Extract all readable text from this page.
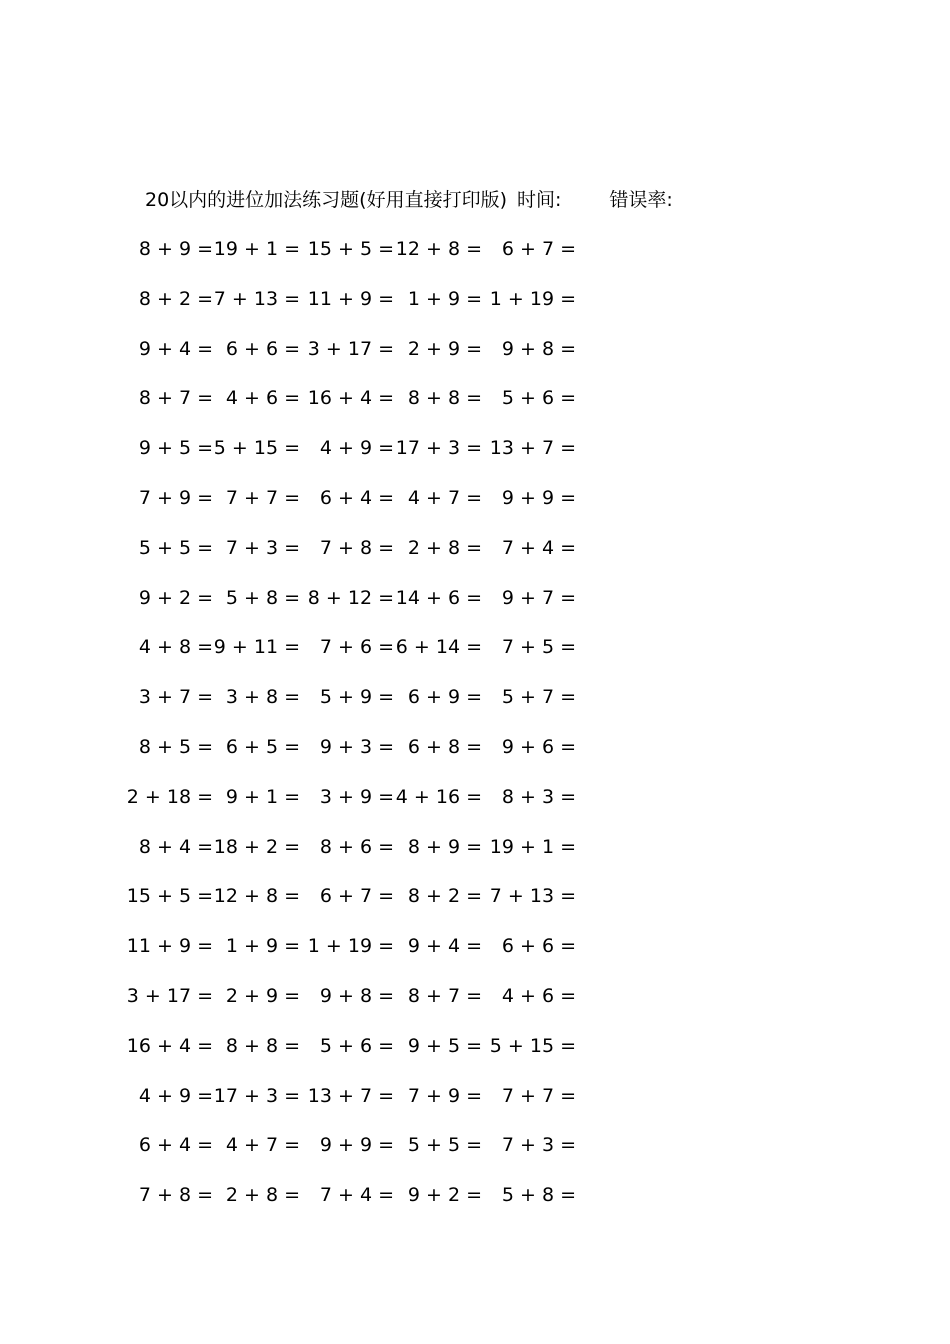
20以内的进位加法练习题(好用直接打印版) 时间:	错误率:
8 + 9 = 19 + 1 = 15 + 5 = 12 + 8 = 6 + 7 =
8 + 2 = 7 + 13 = 11 + 9 = 1 + 9 = 1 + 19 =
9 + 4 = 6 + 6 = 3 + 17 = 2 + 9 = 9 + 8 =
8 + 7 = 4 + 6 = 16 + 4 = 8 + 8 = 5 + 6 =
9 + 5 = 5 + 15 = 4 + 9 = 17 + 3 = 13 + 7 =
7 + 9 = 7 + 7 = 6 + 4 = 4 + 7 = 9 + 9 =
5 + 5 = 7 + 3 = 7 + 8 = 2 + 8 = 7 + 4 =
9 + 2 = 5 + 8 = 8 + 12 = 14 + 6 = 9 + 7 =
4 + 8 = 9 + 11 = 7 + 6 = 6 + 14 = 7 + 5 =
3 + 7 = 3 + 8 = 5 + 9 = 6 + 9 = 5 + 7 =
8 + 5 = 6 + 5 = 9 + 3 = 6 + 8 = 9 + 6 =
2 + 18 = 9 + 1 = 3 + 9 = 4 + 16 = 8 + 3 =
8 + 4 = 18 + 2 = 8 + 6 = 8 + 9 = 19 + 1 =
15 + 5 = 12 + 8 = 6 + 7 = 8 + 2 = 7 + 13 =
11 + 9 = 1 + 9 = 1 + 19 = 9 + 4 = 6 + 6 =
3 + 17 = 2 + 9 = 9 + 8 = 8 + 7 = 4 + 6 =
16 + 4 = 8 + 8 = 5 + 6 = 9 + 5 = 5 + 15 =
4 + 9 = 17 + 3 = 13 + 7 = 7 + 9 = 7 + 7 =
6 + 4 = 4 + 7 = 9 + 9 = 5 + 5 = 7 + 3 =
7 + 8 = 2 + 8 = 7 + 4 = 9 + 2 = 5 + 8 =
